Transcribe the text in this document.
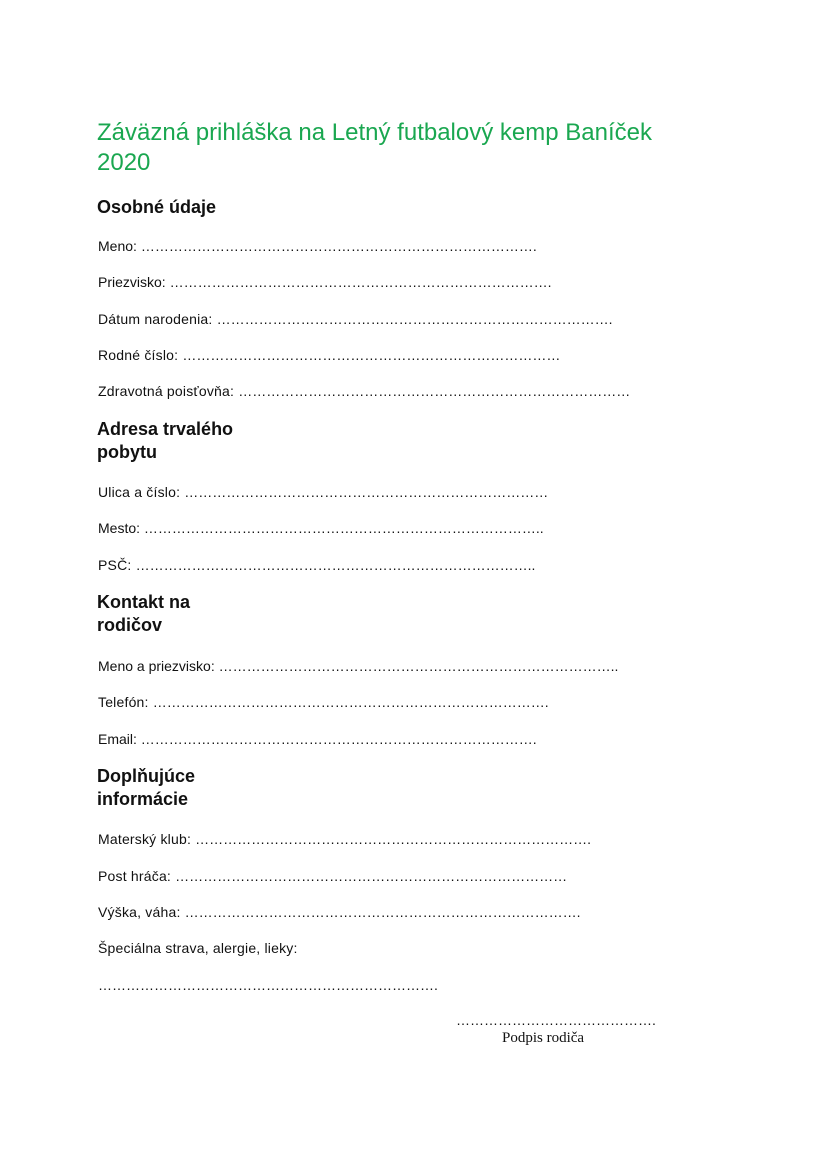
Záväzná prihláška na Letný futbalový kemp Baníček 2020
Osobné údaje

Meno: ………………………………………………………………………….

Priezvisko: ……………………………………………………………………….

Dátum narodenia: ………………………………………………………………………….

Rodné číslo: ………………………………………………………………………

Zdravotná poisťovňa: …………………………………………………………………………

Adresa trvalého
pobytu

Ulica a číslo: ……………………………………………………………………

Mesto: …………………………………………………………………………..

PSČ: …………………………………………………………………………..

Kontakt na
rodičov

Meno a priezvisko: …………………………………………………………………………..

Telefón: ………………………………………………………………………….

Email: ………………………………………………………………………….

Doplňujúce
informácie

Materský klub: ………………………………………………………………………….

Post hráča: …………………………………………………………………………

Výška, váha: ………………………………………………………………………….

Špeciálna strava, alergie, lieky:

……………………………………………………………….

…………………………………….
Podpis rodiča
